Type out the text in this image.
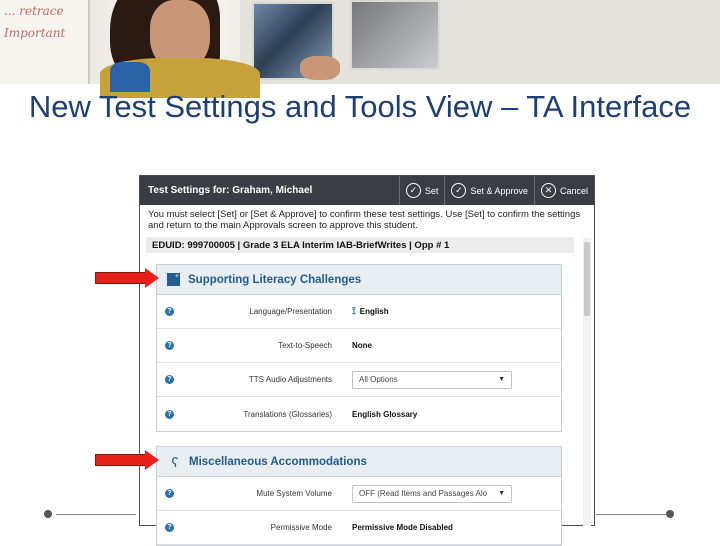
... retrace
Important
New Test Settings and Tools View – TA Interface
Test Settings for: Graham, Michael	✓ Set	✓ Set & Approve	✕ Cancel
You must select [Set] or [Set & Approve] to confirm these test settings. Use [Set] to confirm the settings and return to the main Approvals screen to approve this student.
EDUID: 999700005 | Grade 3 ELA Interim IAB-BriefWrites | Opp # 1
+ Supporting Literacy Challenges
?	Language/Presentation	⟟ English
?	Text-to-Speech	None
?	TTS Audio Adjustments	All Options	▼
?	Translations (Glossaries)	English Glossary
ʕ Miscellaneous Accommodations
?	Mute System Volume	OFF (Read Items and Passages Alo ▼
?	Permissive Mode	Permissive Mode Disabled
